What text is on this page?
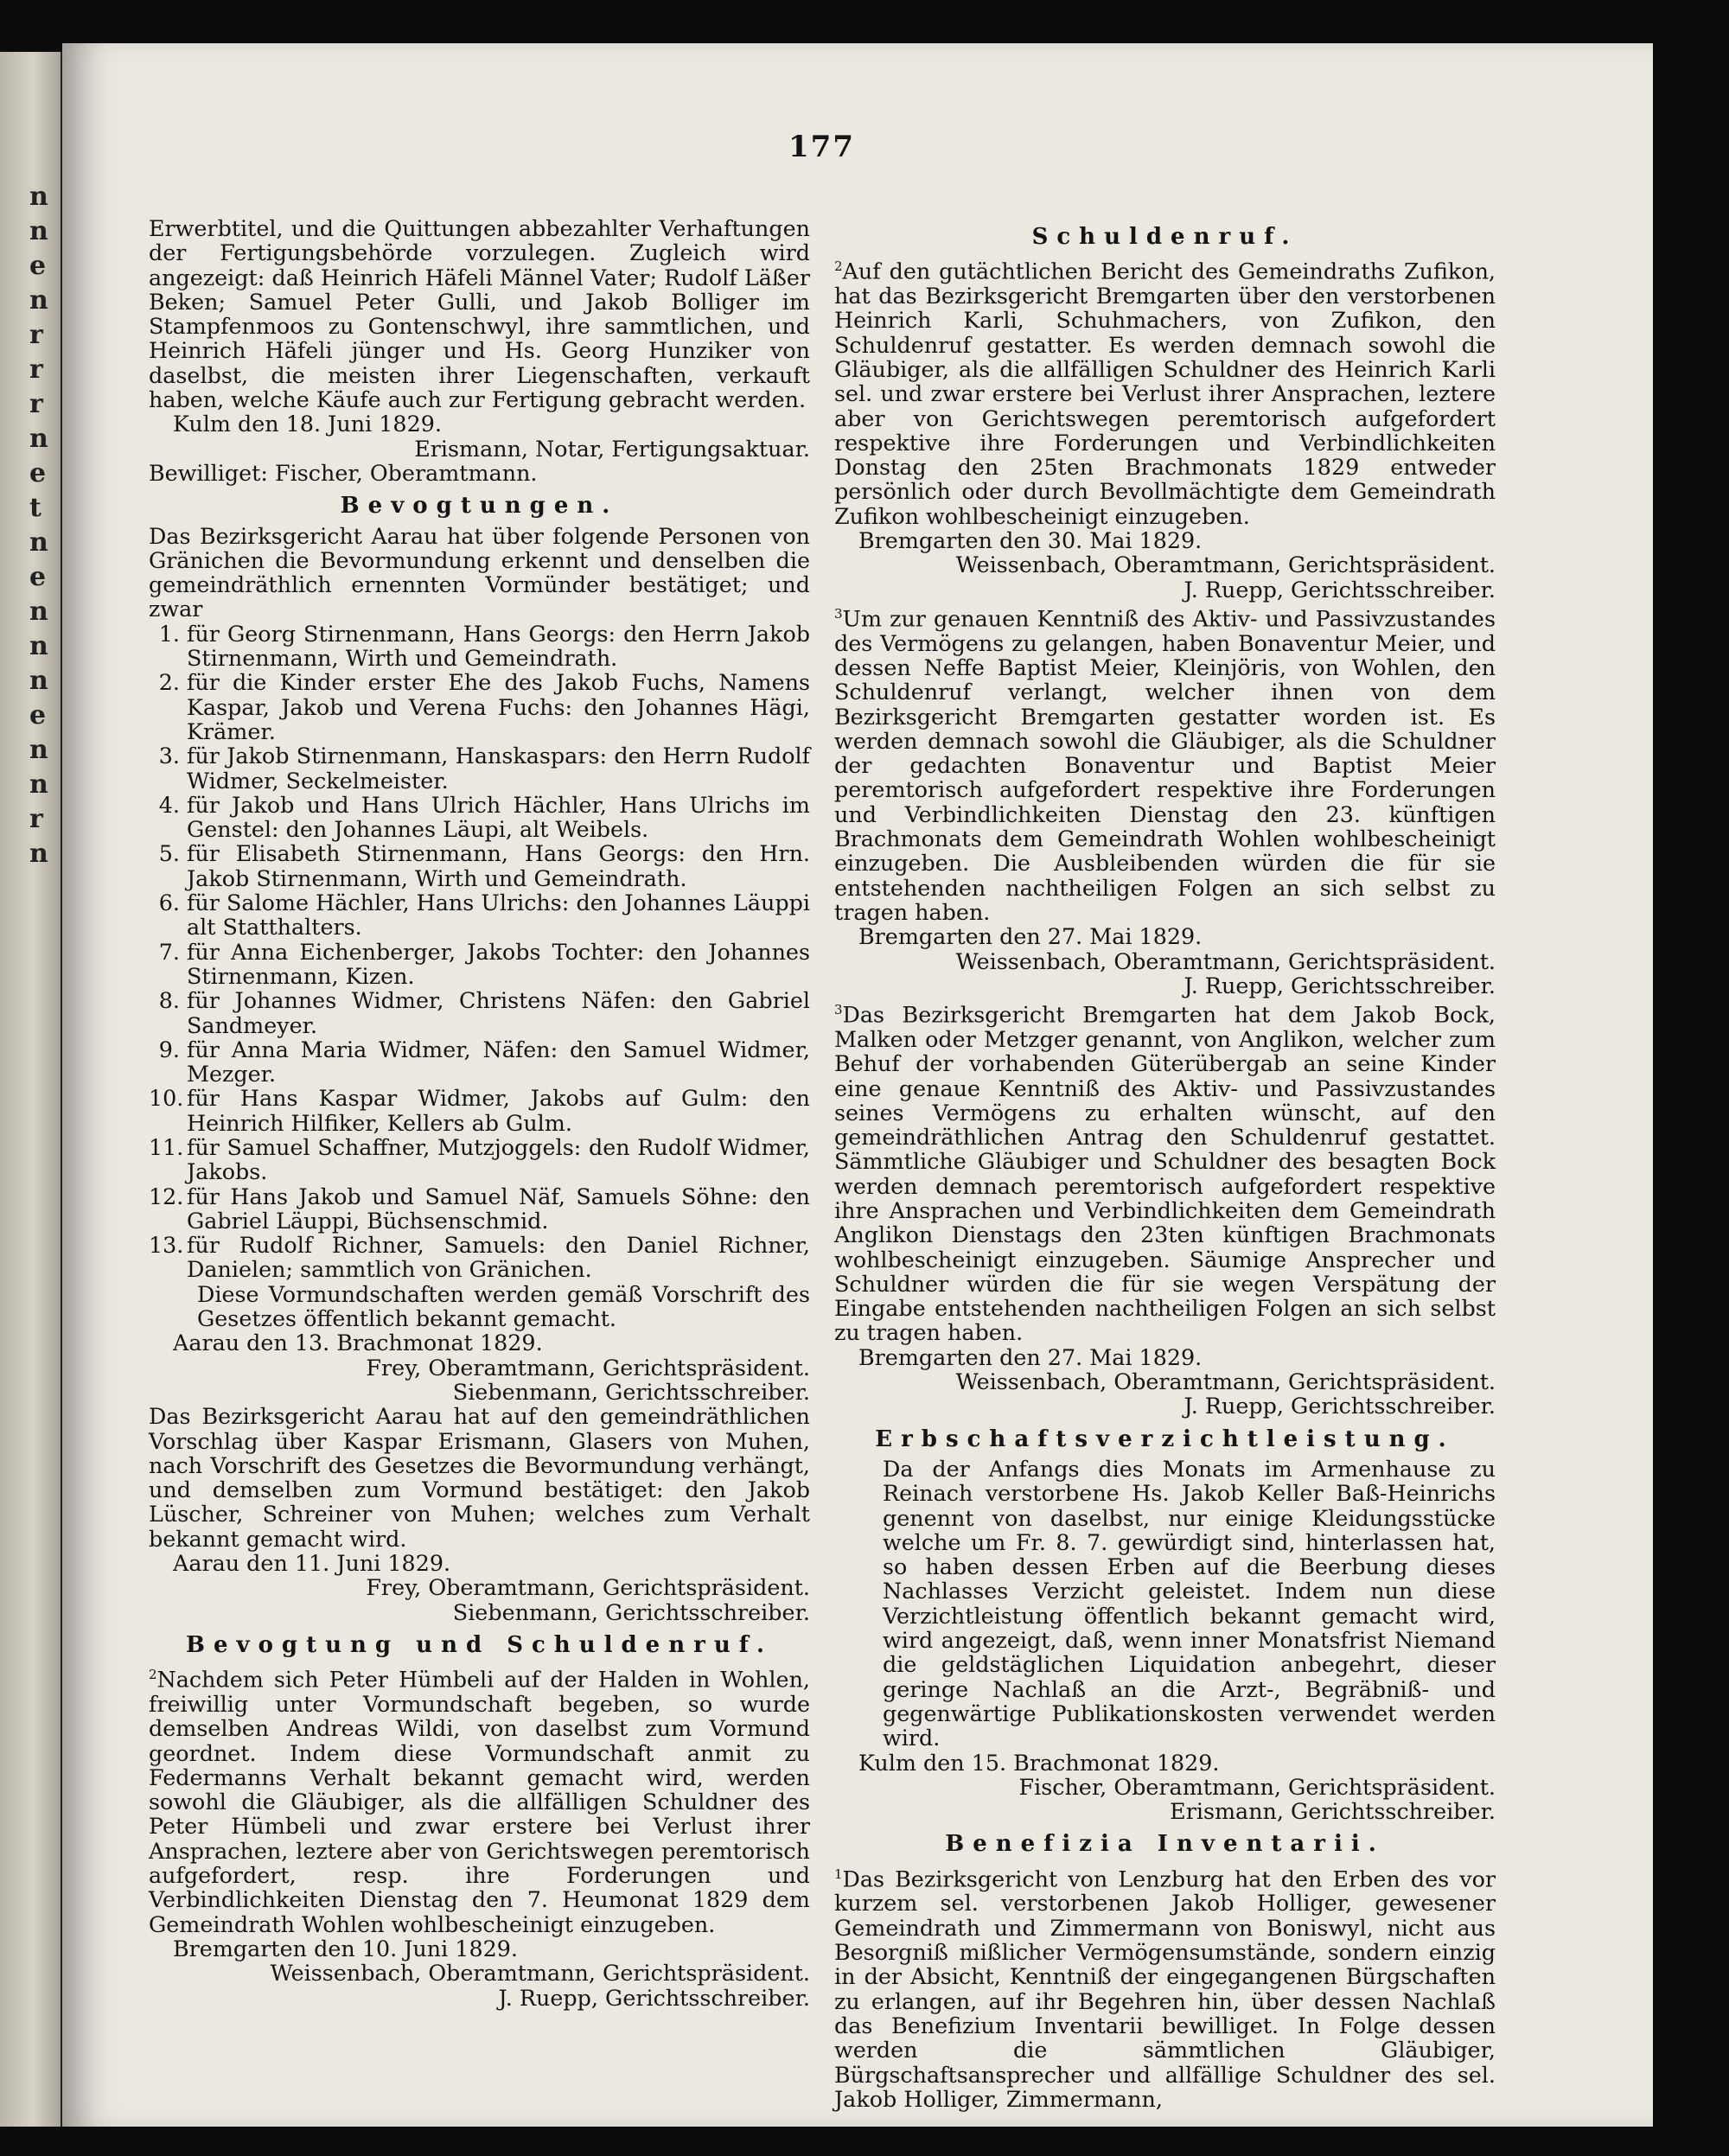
n
n
e
n
r
r
r
n
e
t
n
e
n
n
n
e
n
n
r
n
177

Erwerbtitel, und die Quittungen abbezahlter Verhaftungen der Fertigungsbehörde vorzulegen. Zugleich wird angezeigt: daß Heinrich Häfeli Männel Vater; Rudolf Läßer Beken; Samuel Peter Gulli, und Jakob Bolliger im Stampfenmoos zu Gontenschwyl, ihre sammtlichen, und Heinrich Häfeli jünger und Hs. Georg Hunziker von daselbst, die meisten ihrer Liegenschaften, verkauft haben, welche Käufe auch zur Fertigung gebracht werden.

Kulm den 18. Juni 1829.

Erismann, Notar, Fertigungsaktuar.

Bewilliget: Fischer, Oberamtmann.

Bevogtungen.

Das Bezirksgericht Aarau hat über folgende Personen von Gränichen die Bevormundung erkennt und denselben die gemeindräthlich ernennten Vormünder bestätiget; und zwar

1. für Georg Stirnenmann, Hans Georgs: den Herrn Jakob Stirnenmann, Wirth und Gemeindrath.
2. für die Kinder erster Ehe des Jakob Fuchs, Namens Kaspar, Jakob und Verena Fuchs: den Johannes Hägi, Krämer.
3. für Jakob Stirnenmann, Hanskaspars: den Herrn Rudolf Widmer, Seckelmeister.
4. für Jakob und Hans Ulrich Hächler, Hans Ulrichs im Genstel: den Johannes Läupi, alt Weibels.
5. für Elisabeth Stirnenmann, Hans Georgs: den Hrn. Jakob Stirnenmann, Wirth und Gemeindrath.
6. für Salome Hächler, Hans Ulrichs: den Johannes Läuppi alt Statthalters.
7. für Anna Eichenberger, Jakobs Tochter: den Johannes Stirnenmann, Kizen.
8. für Johannes Widmer, Christens Näfen: den Gabriel Sandmeyer.
9. für Anna Maria Widmer, Näfen: den Samuel Widmer, Mezger.
10. für Hans Kaspar Widmer, Jakobs auf Gulm: den Heinrich Hilfiker, Kellers ab Gulm.
11. für Samuel Schaffner, Mutzjoggels: den Rudolf Widmer, Jakobs.
12. für Hans Jakob und Samuel Näf, Samuels Söhne: den Gabriel Läuppi, Büchsenschmid.
13. für Rudolf Richner, Samuels: den Daniel Richner, Danielen; sammtlich von Gränichen.

Diese Vormundschaften werden gemäß Vorschrift des Gesetzes öffentlich bekannt gemacht.

Aarau den 13. Brachmonat 1829.

Frey, Oberamtmann, Gerichtspräsident.

Siebenmann, Gerichtsschreiber.

Das Bezirksgericht Aarau hat auf den gemeindräthlichen Vorschlag über Kaspar Erismann, Glasers von Muhen, nach Vorschrift des Gesetzes die Bevormundung verhängt, und demselben zum Vormund bestätiget: den Jakob Lüscher, Schreiner von Muhen; welches zum Verhalt bekannt gemacht wird.

Aarau den 11. Juni 1829.

Frey, Oberamtmann, Gerichtspräsident.

Siebenmann, Gerichtsschreiber.

Bevogtung und Schuldenruf.

$^2$Nachdem sich Peter Hümbeli auf der Halden in Wohlen, freiwillig unter Vormundschaft begeben, so wurde demselben Andreas Wildi, von daselbst zum Vormund geordnet. Indem diese Vormundschaft anmit zu Federmanns Verhalt bekannt gemacht wird, werden sowohl die Gläubiger, als die allfälligen Schuldner des Peter Hümbeli und zwar erstere bei Verlust ihrer Ansprachen, leztere aber von Gerichtswegen peremtorisch aufgefordert, resp. ihre Forderungen und Verbindlichkeiten Dienstag den 7. Heumonat 1829 dem Gemeindrath Wohlen wohlbescheinigt einzugeben.

Bremgarten den 10. Juni 1829.

Weissenbach, Oberamtmann, Gerichtspräsident.

J. Ruepp, Gerichtsschreiber.

Schuldenruf.

$^2$Auf den gutächtlichen Bericht des Gemeindraths Zufikon, hat das Bezirksgericht Bremgarten über den verstorbenen Heinrich Karli, Schuhmachers, von Zufikon, den Schuldenruf gestatter. Es werden demnach sowohl die Gläubiger, als die allfälligen Schuldner des Heinrich Karli sel. und zwar erstere bei Verlust ihrer Ansprachen, leztere aber von Gerichtswegen peremtorisch aufgefordert respektive ihre Forderungen und Verbindlichkeiten Donstag den 25ten Brachmonats 1829 entweder persönlich oder durch Bevollmächtigte dem Gemeindrath Zufikon wohlbescheinigt einzugeben.

Bremgarten den 30. Mai 1829.

Weissenbach, Oberamtmann, Gerichtspräsident.

J. Ruepp, Gerichtsschreiber.

$^3$Um zur genauen Kenntniß des Aktiv- und Passivzustandes des Vermögens zu gelangen, haben Bonaventur Meier, und dessen Neffe Baptist Meier, Kleinjöris, von Wohlen, den Schuldenruf verlangt, welcher ihnen von dem Bezirksgericht Bremgarten gestatter worden ist. Es werden demnach sowohl die Gläubiger, als die Schuldner der gedachten Bonaventur und Baptist Meier peremtorisch aufgefordert respektive ihre Forderungen und Verbindlichkeiten Dienstag den 23. künftigen Brachmonats dem Gemeindrath Wohlen wohlbescheinigt einzugeben. Die Ausbleibenden würden die für sie entstehenden nachtheiligen Folgen an sich selbst zu tragen haben.

Bremgarten den 27. Mai 1829.

Weissenbach, Oberamtmann, Gerichtspräsident.

J. Ruepp, Gerichtsschreiber.

$^3$Das Bezirksgericht Bremgarten hat dem Jakob Bock, Malken oder Metzger genannt, von Anglikon, welcher zum Behuf der vorhabenden Güterübergab an seine Kinder eine genaue Kenntniß des Aktiv- und Passivzustandes seines Vermögens zu erhalten wünscht, auf den gemeindräthlichen Antrag den Schuldenruf gestattet. Sämmtliche Gläubiger und Schuldner des besagten Bock werden demnach peremtorisch aufgefordert respektive ihre Ansprachen und Verbindlichkeiten dem Gemeindrath Anglikon Dienstags den 23ten künftigen Brachmonats wohlbescheinigt einzugeben. Säumige Ansprecher und Schuldner würden die für sie wegen Verspätung der Eingabe entstehenden nachtheiligen Folgen an sich selbst zu tragen haben.

Bremgarten den 27. Mai 1829.

Weissenbach, Oberamtmann, Gerichtspräsident.

J. Ruepp, Gerichtsschreiber.

Erbschaftsverzichtleistung.

Da der Anfangs dies Monats im Armenhause zu Reinach verstorbene Hs. Jakob Keller Baß-Heinrichs genennt von daselbst, nur einige Kleidungsstücke welche um Fr. 8. 7. gewürdigt sind, hinterlassen hat, so haben dessen Erben auf die Beerbung dieses Nachlasses Verzicht geleistet. Indem nun diese Verzichtleistung öffentlich bekannt gemacht wird, wird angezeigt, daß, wenn inner Monatsfrist Niemand die geldstäglichen Liquidation anbegehrt, dieser geringe Nachlaß an die Arzt-, Begräbniß- und gegenwärtige Publikationskosten verwendet werden wird.

Kulm den 15. Brachmonat 1829.

Fischer, Oberamtmann, Gerichtspräsident.

Erismann, Gerichtsschreiber.

Benefizia Inventarii.

$^1$Das Bezirksgericht von Lenzburg hat den Erben des vor kurzem sel. verstorbenen Jakob Holliger, gewesener Gemeindrath und Zimmermann von Boniswyl, nicht aus Besorgniß mißlicher Vermögensumstände, sondern einzig in der Absicht, Kenntniß der eingegangenen Bürgschaften zu erlangen, auf ihr Begehren hin, über dessen Nachlaß das Benefizium Inventarii bewilliget. In Folge dessen werden die sämmtlichen Gläubiger, Bürgschaftsansprecher und allfällige Schuldner des sel. Jakob Holliger, Zimmermann,
